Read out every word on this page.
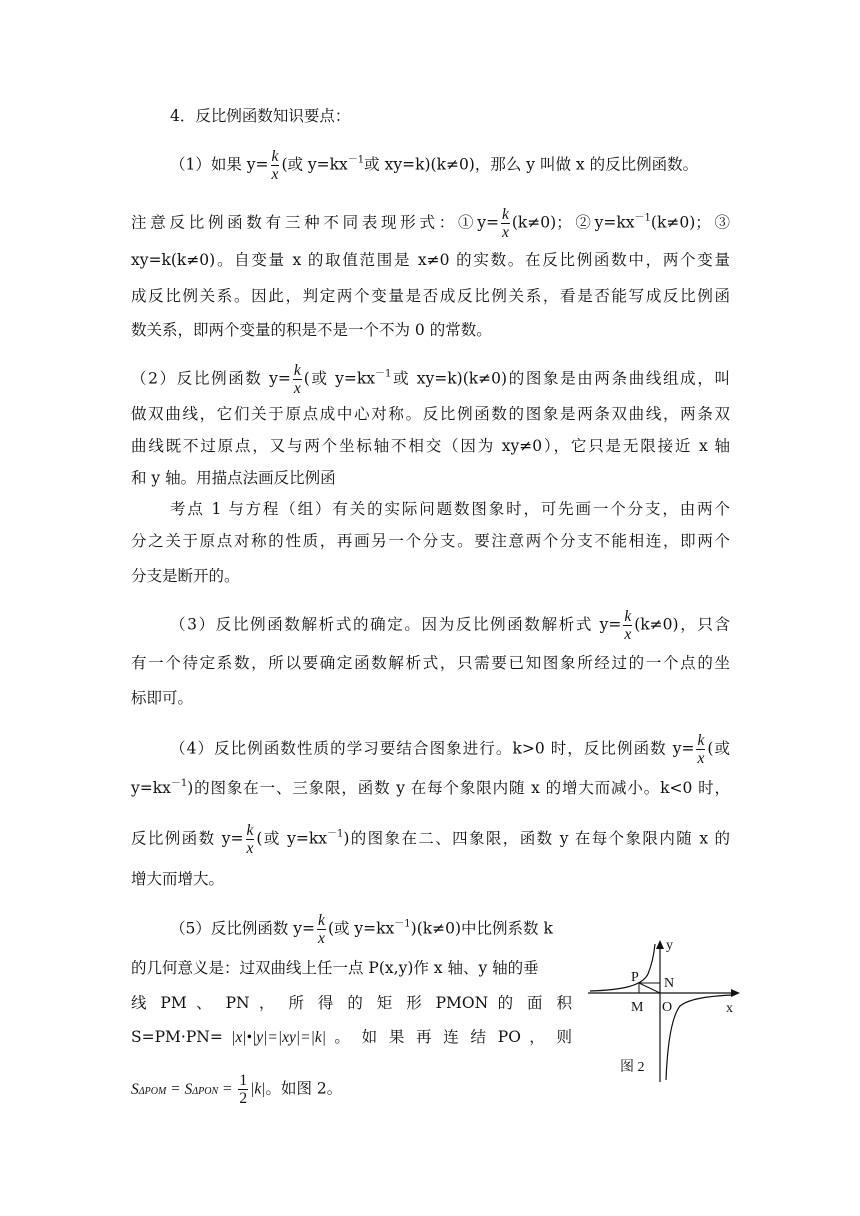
4．反比例函数知识要点：
（1）如果 $y= \frac{k}{x}$ (或 $y=kx^{-1}$或 xy=k)(k≠0)，那么 y 叫做 x 的反比例函数。
注意反比例函数有三种不同表现形式：①y= $\frac{k}{x} (k\ne 0)$；$②y=kx^{-1}(k\ne 0)$；③
xy=k(k≠0)。自变量 x 的取值范围是 x≠0 的实数。在反比例函数中，两个变量
成反比例关系。因此，判定两个变量是否成反比例关系，看是否能写成反比例函
数关系，即两个变量的积是不是一个不为 0 的常数。
（2）反比例函数 $y= \frac{k}{x}$ (或 $y=kx^{-1}$或 xy=k)(k≠0)的图象是由两条曲线组成，叫
做双曲线，它们关于原点成中心对称。反比例函数的图象是两条双曲线，两条双
曲线既不过原点，又与两个坐标轴不相交（因为 xy≠0），它只是无限接近 x 轴
和 y 轴。用描点法画反比例函
考点 1 与方程（组）有关的实际问题数图象时，可先画一个分支，由两个
分之关于原点对称的性质，再画另一个分支。要注意两个分支不能相连，即两个
分支是断开的。
（3）反比例函数解析式的确定。因为反比例函数解析式 $y= \frac{k}{x} (k\ne 0)$，只含
有一个待定系数，所以要确定函数解析式，只需要已知图象所经过的一个点的坐
标即可。
（4）反比例函数性质的学习要结合图象进行。k>0 时，反比例函数 $y= \frac{k}{x}$ (或
$y=kx^{-1}$)的图象在一、三象限，函数 y 在每个象限内随 x 的增大而减小。k<0 时，
反比例函数 $y= \frac{k}{x}$ (或 $y=kx^{-1}$)的图象在二、四象限，函数 y 在每个象限内随 x 的
增大而增大。
（5）反比例函数 $y= \frac{k}{x}$ (或 $y=kx^{-1})(k\ne 0)$中比例系数 k
的几何意义是：过双曲线上任一点 P(x,y)作 x 轴、y 轴的垂
线 PM 、 PN ， 所 得 的 矩 形 PMON 的 面 积
S=PM·PN= |x|•|y|=|xy|=|k| 。 如 果 再 连 结 PO ， 则
$S\Delta POM = S\Delta PON = \frac{1}{2} |k|$。如图 2。
y
x
P N
M O
图 2
